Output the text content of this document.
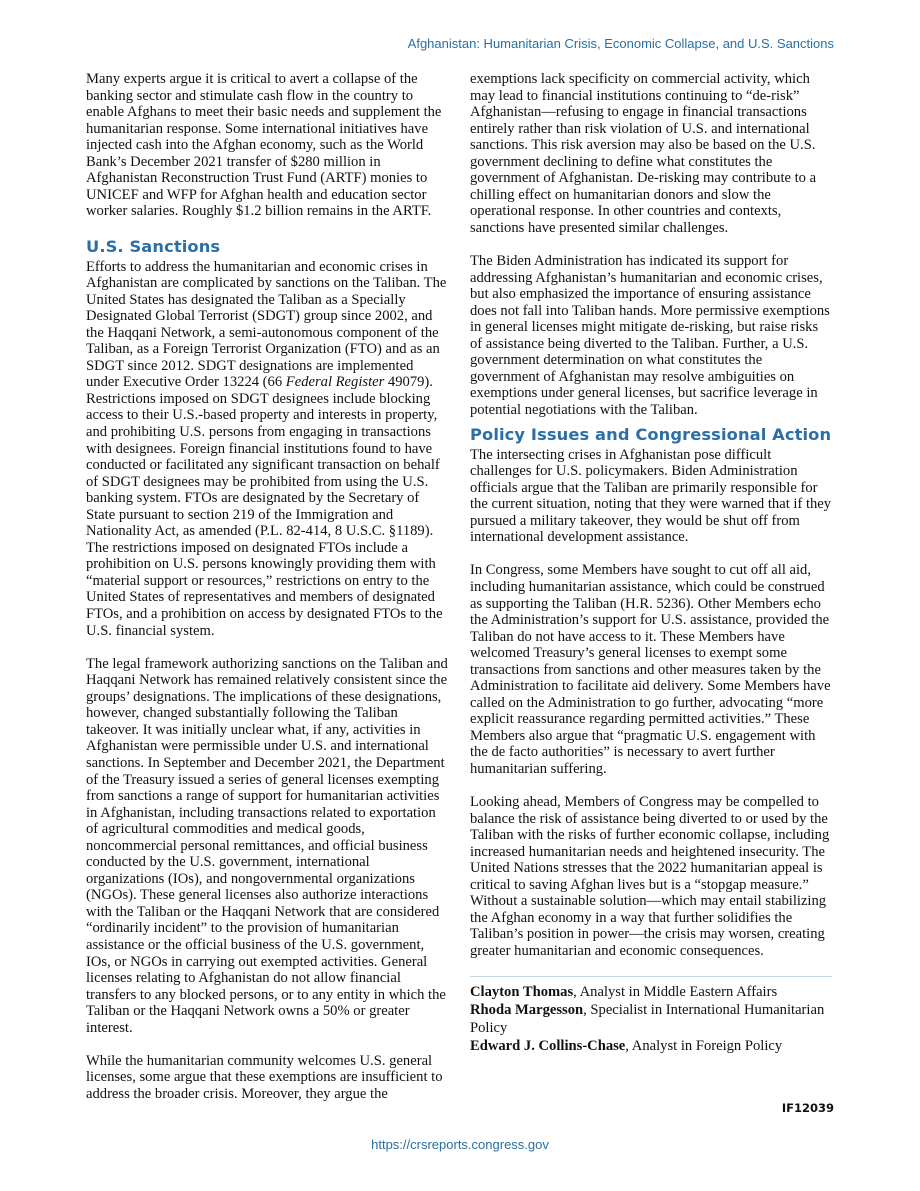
Afghanistan: Humanitarian Crisis, Economic Collapse, and U.S. Sanctions

Many experts argue it is critical to avert a collapse of the banking sector and stimulate cash flow in the country to enable Afghans to meet their basic needs and supplement the humanitarian response. Some international initiatives have injected cash into the Afghan economy, such as the World Bank’s December 2021 transfer of $280 million in Afghanistan Reconstruction Trust Fund (ARTF) monies to UNICEF and WFP for Afghan health and education sector worker salaries. Roughly $1.2 billion remains in the ARTF.

U.S. Sanctions

Efforts to address the humanitarian and economic crises in Afghanistan are complicated by sanctions on the Taliban. The United States has designated the Taliban as a Specially Designated Global Terrorist (SDGT) group since 2002, and the Haqqani Network, a semi-autonomous component of the Taliban, as a Foreign Terrorist Organization (FTO) and as an SDGT since 2012. SDGT designations are implemented under Executive Order 13224 (66 Federal Register 49079). Restrictions imposed on SDGT designees include blocking access to their U.S.-based property and interests in property, and prohibiting U.S. persons from engaging in transactions with designees. Foreign financial institutions found to have conducted or facilitated any significant transaction on behalf of SDGT designees may be prohibited from using the U.S. banking system. FTOs are designated by the Secretary of State pursuant to section 219 of the Immigration and Nationality Act, as amended (P.L. 82-414, 8 U.S.C. §1189). The restrictions imposed on designated FTOs include a prohibition on U.S. persons knowingly providing them with “material support or resources,” restrictions on entry to the United States of representatives and members of designated FTOs, and a prohibition on access by designated FTOs to the U.S. financial system.

The legal framework authorizing sanctions on the Taliban and Haqqani Network has remained relatively consistent since the groups’ designations. The implications of these designations, however, changed substantially following the Taliban takeover. It was initially unclear what, if any, activities in Afghanistan were permissible under U.S. and international sanctions. In September and December 2021, the Department of the Treasury issued a series of general licenses exempting from sanctions a range of support for humanitarian activities in Afghanistan, including transactions related to exportation of agricultural commodities and medical goods, noncommercial personal remittances, and official business conducted by the U.S. government, international organizations (IOs), and nongovernmental organizations (NGOs). These general licenses also authorize interactions with the Taliban or the Haqqani Network that are considered “ordinarily incident” to the provision of humanitarian assistance or the official business of the U.S. government, IOs, or NGOs in carrying out exempted activities. General licenses relating to Afghanistan do not allow financial transfers to any blocked persons, or to any entity in which the Taliban or the Haqqani Network owns a 50% or greater interest.

While the humanitarian community welcomes U.S. general licenses, some argue that these exemptions are insufficient to address the broader crisis. Moreover, they argue the

exemptions lack specificity on commercial activity, which may lead to financial institutions continuing to “de-risk” Afghanistan—refusing to engage in financial transactions entirely rather than risk violation of U.S. and international sanctions. This risk aversion may also be based on the U.S. government declining to define what constitutes the government of Afghanistan. De-risking may contribute to a chilling effect on humanitarian donors and slow the operational response. In other countries and contexts, sanctions have presented similar challenges.

The Biden Administration has indicated its support for addressing Afghanistan’s humanitarian and economic crises, but also emphasized the importance of ensuring assistance does not fall into Taliban hands. More permissive exemptions in general licenses might mitigate de-risking, but raise risks of assistance being diverted to the Taliban. Further, a U.S. government determination on what constitutes the government of Afghanistan may resolve ambiguities on exemptions under general licenses, but sacrifice leverage in potential negotiations with the Taliban.

Policy Issues and Congressional Action

The intersecting crises in Afghanistan pose difficult challenges for U.S. policymakers. Biden Administration officials argue that the Taliban are primarily responsible for the current situation, noting that they were warned that if they pursued a military takeover, they would be shut off from international development assistance.

In Congress, some Members have sought to cut off all aid, including humanitarian assistance, which could be construed as supporting the Taliban (H.R. 5236). Other Members echo the Administration’s support for U.S. assistance, provided the Taliban do not have access to it. These Members have welcomed Treasury’s general licenses to exempt some transactions from sanctions and other measures taken by the Administration to facilitate aid delivery. Some Members have called on the Administration to go further, advocating “more explicit reassurance regarding permitted activities.” These Members also argue that “pragmatic U.S. engagement with the de facto authorities” is necessary to avert further humanitarian suffering.

Looking ahead, Members of Congress may be compelled to balance the risk of assistance being diverted to or used by the Taliban with the risks of further economic collapse, including increased humanitarian needs and heightened insecurity. The United Nations stresses that the 2022 humanitarian appeal is critical to saving Afghan lives but is a “stopgap measure.” Without a sustainable solution—which may entail stabilizing the Afghan economy in a way that further solidifies the Taliban’s position in power—the crisis may worsen, creating greater humanitarian and economic consequences.

Clayton Thomas, Analyst in Middle Eastern Affairs
Rhoda Margesson, Specialist in International Humanitarian Policy
Edward J. Collins-Chase, Analyst in Foreign Policy
IF12039
https://crsreports.congress.gov
